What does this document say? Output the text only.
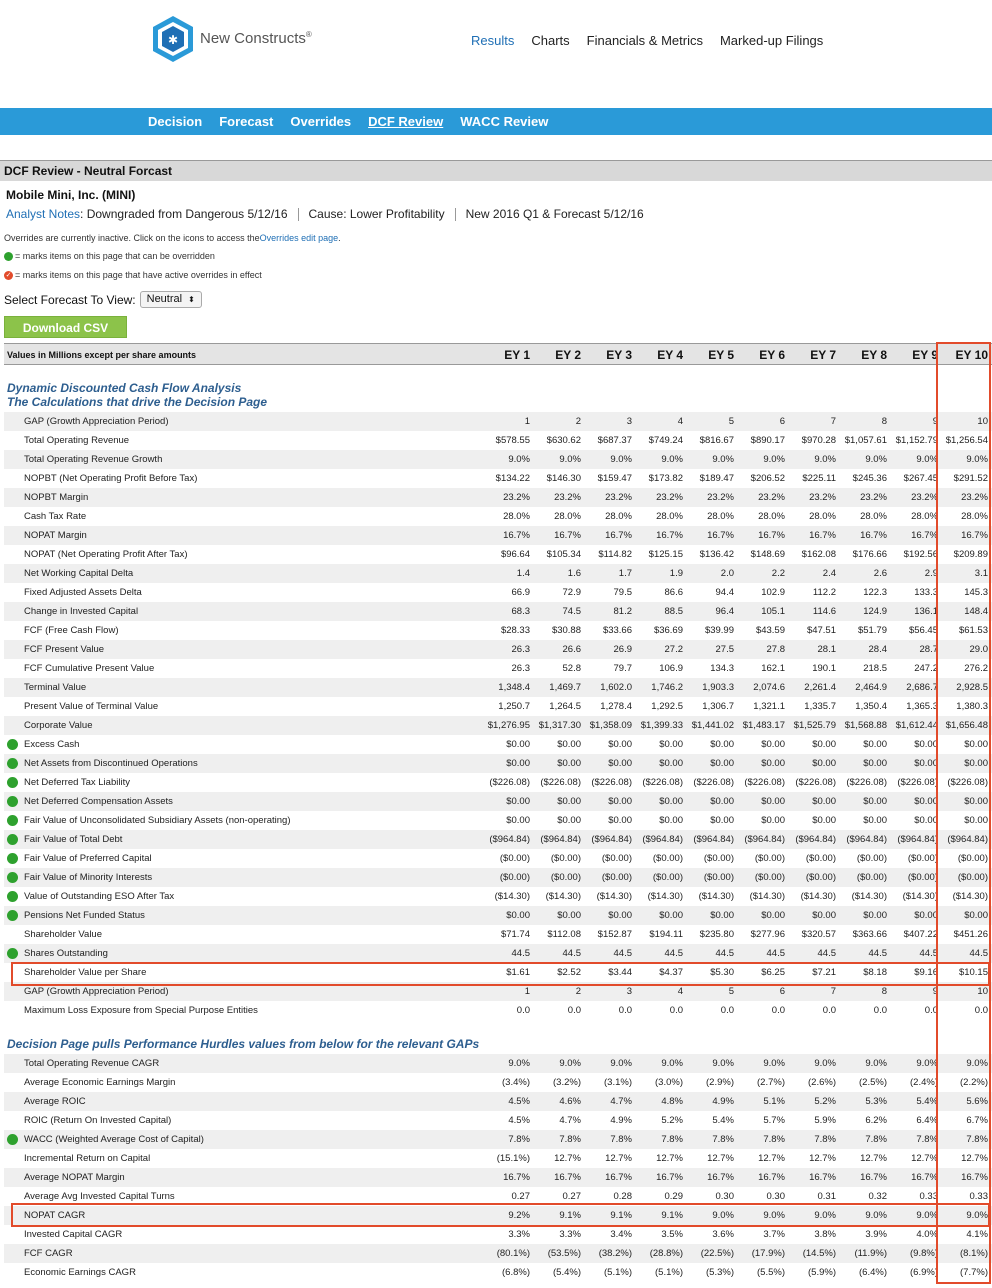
✱ New Constructs®	Results Charts Financials & Metrics Marked-up Filings
Decision Forecast Overrides DCF Review WACC Review
DCF Review - Neutral Forcast
Mobile Mini, Inc. (MINI)
Analyst Notes : Downgraded from Dangerous 5/12/16 Cause: Lower Profitability New 2016 Q1 & Forecast 5/12/16
Overrides are currently inactive. Click on the icons to access the Overrides edit page .
= marks items on this page that can be overridden
✓ = marks items on this page that have active overrides in effect
Select Forecast To View: Neutral ⬍
Download CSV
Values in Millions except per share amounts	EY 1	EY 2	EY 3	EY 4	EY 5	EY 6	EY 7	EY 8	EY 9	EY 10
Dynamic Discounted Cash Flow Analysis
The Calculations that drive the Decision Page
Decision Page pulls Performance Hurdles values from below for the relevant GAPs
GAP (Growth Appreciation Period)	1	2	3	4	5	6	7	8	9	10
Total Operating Revenue	$578.55	$630.62	$687.37	$749.24	$816.67	$890.17	$970.28 $1,057.61 $1,152.79 $1,256.54
Total Operating Revenue Growth	9.0%	9.0%	9.0%	9.0%	9.0%	9.0%	9.0%	9.0%	9.0%	9.0%
NOPBT (Net Operating Profit Before Tax)	$134.22	$146.30	$159.47	$173.82	$189.47	$206.52	$225.11	$245.36	$267.45	$291.52
NOPBT Margin	23.2%	23.2%	23.2%	23.2%	23.2%	23.2%	23.2%	23.2%	23.2%	23.2%
Cash Tax Rate	28.0%	28.0%	28.0%	28.0%	28.0%	28.0%	28.0%	28.0%	28.0%	28.0%
NOPAT Margin	16.7%	16.7%	16.7%	16.7%	16.7%	16.7%	16.7%	16.7%	16.7%	16.7%
NOPAT (Net Operating Profit After Tax)	$96.64	$105.34	$114.82	$125.15	$136.42	$148.69	$162.08	$176.66	$192.56	$209.89
Net Working Capital Delta	1.4	1.6	1.7	1.9	2.0	2.2	2.4	2.6	2.9	3.1
Fixed Adjusted Assets Delta	66.9	72.9	79.5	86.6	94.4	102.9	112.2	122.3	133.3	145.3
Change in Invested Capital	68.3	74.5	81.2	88.5	96.4	105.1	114.6	124.9	136.1	148.4
FCF (Free Cash Flow)	$28.33	$30.88	$33.66	$36.69	$39.99	$43.59	$47.51	$51.79	$56.45	$61.53
FCF Present Value	26.3	26.6	26.9	27.2	27.5	27.8	28.1	28.4	28.7	29.0
FCF Cumulative Present Value	26.3	52.8	79.7	106.9	134.3	162.1	190.1	218.5	247.2	276.2
Terminal Value	1,348.4	1,469.7	1,602.0	1,746.2	1,903.3	2,074.6	2,261.4	2,464.9	2,686.7	2,928.5
Present Value of Terminal Value	1,250.7	1,264.5	1,278.4	1,292.5	1,306.7	1,321.1	1,335.7	1,350.4	1,365.3	1,380.3
Corporate Value	$1,276.95 $1,317.30 $1,358.09 $1,399.33 $1,441.02 $1,483.17 $1,525.79 $1,568.88 $1,612.44 $1,656.48
Excess Cash	$0.00	$0.00	$0.00	$0.00	$0.00	$0.00	$0.00	$0.00	$0.00	$0.00
Net Assets from Discontinued Operations	$0.00	$0.00	$0.00	$0.00	$0.00	$0.00	$0.00	$0.00	$0.00	$0.00
Net Deferred Tax Liability	($226.08)	($226.08)	($226.08)	($226.08)	($226.08)	($226.08)	($226.08)	($226.08)	($226.08) ($226.08)
Net Deferred Compensation Assets	$0.00	$0.00	$0.00	$0.00	$0.00	$0.00	$0.00	$0.00	$0.00	$0.00
Fair Value of Unconsolidated Subsidiary Assets (non-operating)	$0.00	$0.00	$0.00	$0.00	$0.00	$0.00	$0.00	$0.00	$0.00	$0.00
Fair Value of Total Debt	($964.84)	($964.84)	($964.84)	($964.84)	($964.84)	($964.84)	($964.84)	($964.84)	($964.84) ($964.84)
Fair Value of Preferred Capital	($0.00)	($0.00)	($0.00)	($0.00)	($0.00)	($0.00)	($0.00)	($0.00)	($0.00)	($0.00)
Fair Value of Minority Interests	($0.00)	($0.00)	($0.00)	($0.00)	($0.00)	($0.00)	($0.00)	($0.00)	($0.00)	($0.00)
Value of Outstanding ESO After Tax	($14.30)	($14.30)	($14.30)	($14.30)	($14.30)	($14.30)	($14.30)	($14.30)	($14.30)	($14.30)
Pensions Net Funded Status	$0.00	$0.00	$0.00	$0.00	$0.00	$0.00	$0.00	$0.00	$0.00	$0.00
Shareholder Value	$71.74	$112.08	$152.87	$194.11	$235.80	$277.96	$320.57	$363.66	$407.22	$451.26
Shares Outstanding	44.5	44.5	44.5	44.5	44.5	44.5	44.5	44.5	44.5	44.5
Shareholder Value per Share	$1.61	$2.52	$3.44	$4.37	$5.30	$6.25	$7.21	$8.18	$9.16	$10.15
GAP (Growth Appreciation Period)	1	2	3	4	5	6	7	8	9	10
Maximum Loss Exposure from Special Purpose Entities	0.0	0.0	0.0	0.0	0.0	0.0	0.0	0.0	0.0	0.0
Total Operating Revenue CAGR	9.0%	9.0%	9.0%	9.0%	9.0%	9.0%	9.0%	9.0%	9.0%	9.0%
Average Economic Earnings Margin	(3.4%)	(3.2%)	(3.1%)	(3.0%)	(2.9%)	(2.7%)	(2.6%)	(2.5%)	(2.4%)	(2.2%)
Average ROIC	4.5%	4.6%	4.7%	4.8%	4.9%	5.1%	5.2%	5.3%	5.4%	5.6%
ROIC (Return On Invested Capital)	4.5%	4.7%	4.9%	5.2%	5.4%	5.7%	5.9%	6.2%	6.4%	6.7%
WACC (Weighted Average Cost of Capital)	7.8%	7.8%	7.8%	7.8%	7.8%	7.8%	7.8%	7.8%	7.8%	7.8%
Incremental Return on Capital	(15.1%)	12.7%	12.7%	12.7%	12.7%	12.7%	12.7%	12.7%	12.7%	12.7%
Average NOPAT Margin	16.7%	16.7%	16.7%	16.7%	16.7%	16.7%	16.7%	16.7%	16.7%	16.7%
Average Avg Invested Capital Turns	0.27	0.27	0.28	0.29	0.30	0.30	0.31	0.32	0.33	0.33
NOPAT CAGR	9.2%	9.1%	9.1%	9.1%	9.0%	9.0%	9.0%	9.0%	9.0%	9.0%
Invested Capital CAGR	3.3%	3.3%	3.4%	3.5%	3.6%	3.7%	3.8%	3.9%	4.0%	4.1%
FCF CAGR	(80.1%)	(53.5%)	(38.2%)	(28.8%)	(22.5%)	(17.9%)	(14.5%)	(11.9%)	(9.8%)	(8.1%)
Economic Earnings CAGR	(6.8%)	(5.4%)	(5.1%)	(5.1%)	(5.3%)	(5.5%)	(5.9%)	(6.4%)	(6.9%)	(7.7%)
